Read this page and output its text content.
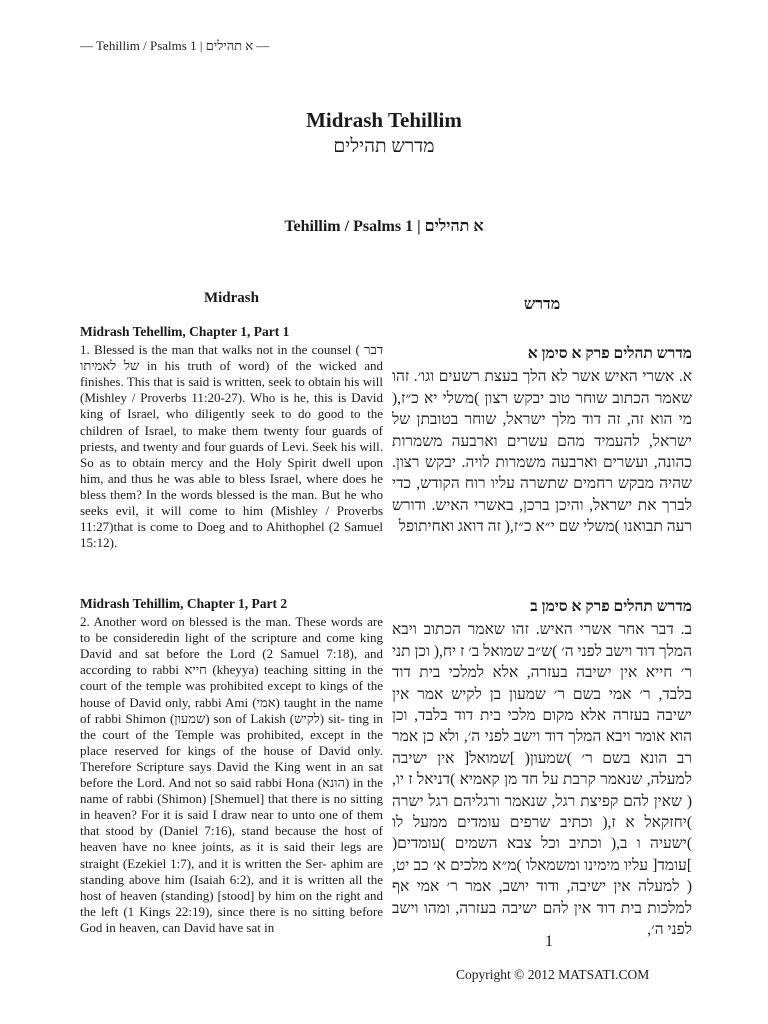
— Tehillim / Psalms 1 | א תהילים —
Midrash Tehillim
מדרש תהילים
Tehillim / Psalms 1 | א תהילים
Midrash	מדרש
Midrash Tehellim, Chapter 1, Part 1
1. Blessed is the man that walks not in the counsel ( דבר של לאמיתו in his truth of word) of the wicked and finishes. This that is said is written, seek to obtain his will (Mishley / Proverbs 11:20-27). Who is he, this is David king of Israel, who diligently seek to do good to the children of Israel, to make them twenty four guards of priests, and twenty and four guards of Levi. Seek his will. So as to obtain mercy and the Holy Spirit dwell upon him, and thus he was able to bless Israel, where does he bless them? In the words blessed is the man. But he who seeks evil, it will come to him (Mishley / Proverbs 11:27)that is come to Doeg and to Ahithophel (2 Samuel 15:12).
מדרש תהלים פרק א סימן א
א. אשרי האיש אשר לא הלך בעצת רשעים וגו׳. זהו שאמר הכתוב שוחר טוב יבקש רצון )משלי יא כ״ז,( מי הוא זה, זה דוד מלך ישראל, שוחר בטובתן של ישראל, להעמיד מהם עשרים וארבעה משמרות כהונה, ועשרים וארבעה משמרות לויה. יבקש רצון. שהיה מבקש רחמים שתשרה עליו רוח הקודש, כדי לברך את ישראל, והיכן ברכן, באשרי האיש. ודורש רעה תבואנו )משלי שם י״א כ״ז,( זה דואג ואחיתופל
Midrash Tehillim, Chapter 1, Part 2
2. Another word on blessed is the man. These words are to be consideredin light of the scripture and come king David and sat before the Lord (2 Samuel 7:18), and according to rabbi חייא (kheyya) teaching sitting in the court of the temple was prohibited except to kings of the house of David only, rabbi Ami (אמי) taught in the name of rabbi Shimon (שמעון) son of Lakish (לקיש) sit- ting in the court of the Temple was prohibited, except in the place reserved for kings of the house of David only. Therefore Scripture says David the King went in an sat before the Lord. And not so said rabbi Hona (הונא) in the name of rabbi (Shimon) [Shemuel] that there is no sitting in heaven? For it is said I draw near to unto one of them that stood by (Daniel 7:16), stand because the host of heaven have no knee joints, as it is said their legs are straight (Ezekiel 1:7), and it is written the Ser- aphim are standing above him (Isaiah 6:2), and it is written all the host of heaven (standing) [stood] by him on the right and the left (1 Kings 22:19), since there is no sitting before God in heaven, can David have sat in
מדרש תהלים פרק א סימן ב
ב. דבר אחר אשרי האיש. זהו שאמר הכתוב ויבא המלך דוד וישב לפני ה׳ )ש״ב שמואל ב׳ ז יח,( וכן תני ר׳ חייא אין ישיבה בעזרה, אלא למלכי בית דוד בלבד, ר׳ אמי בשם ר׳ שמעון בן לקיש אמר אין ישיבה בעזרה אלא מקום מלכי בית דוד בלבד, וכן הוא אומר ויבא המלך דוד וישב לפני ה׳, ולא כן אמר רב הונא בשם ר׳ )שמעון( ]שמואל[ אין ישיבה למעלה, שנאמר קרבת על חד מן קאמיא )דניאל ז יו,( שאין להם קפיצת רגל, שנאמר ורגליהם רגל ישרה )יחזקאל א ז,( וכתיב שרפים עומדים ממעל לו )ישעיה ו ב,( וכתיב וכל צבא השמים )עומדים( ]עומד[ עליו מימינו ומשמאלו )מ״א מלכים א׳ כב יט,( למעלה אין ישיבה, ודוד יושב, אמר ר׳ אמי אף למלכות בית דוד אין להם ישיבה בעזרה, ומהו וישב לפני ה׳,
1
Copyright © 2012 MATSATI.COM
